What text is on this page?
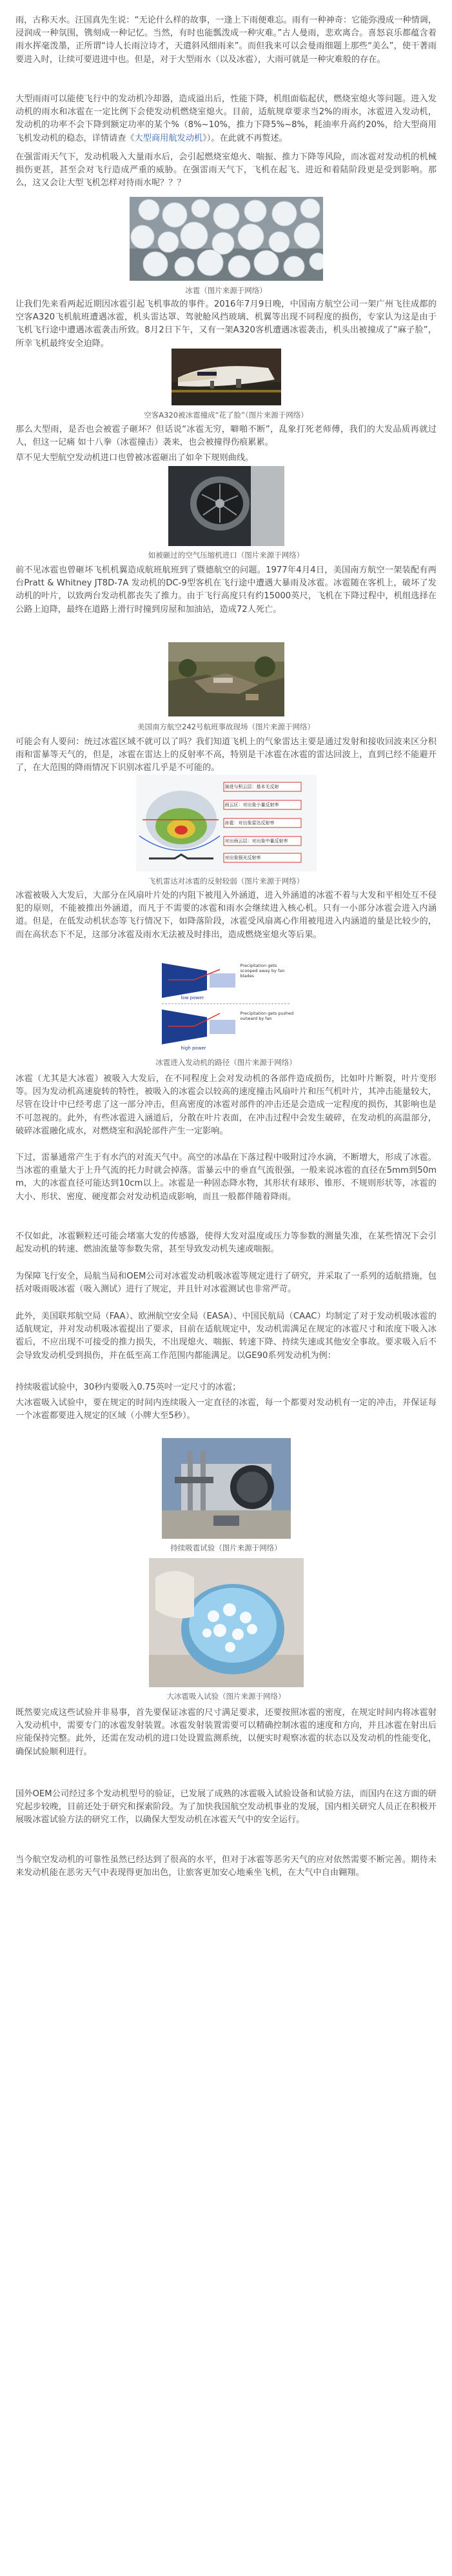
雨，古称天水。汪国真先生说：“无论什么样的故事，一逢上下雨便难忘。雨有一种神奇：它能弥漫成一种情调，浸润成一种氛围，镌刻成一种记忆。当然，有时也能瓢泼成一种灾难。”古人曼雨，悲欢离合。喜怒哀乐都蕴含着雨水挥毫泼墨，正所谓“诗人长雨泣诗才，天遣斜风细雨来”。而但我来可以会曼雨细题上那些“美么”，使干著雨要进入时，让续可要进进中也。但是，对于大型雨水（以及冰雹），大雨可就是一种灾难般的存在。

大型雨雨可以能使飞行中的发动机冷却器，造成溢出后，性能下降，机组面临起伏，燃烧室熄火等问题。进入发动机的雨水和冰雹在一定比例下会使发动机燃烧室熄火。目前，适航规章要求当2%的雨水，冰雹进入发动机，发动机的功率不会下降到额定功率的某个%（8%~10%，推力下降5%~8%，耗油率升高约20%，给大型商用飞机发动机的稳态，详情请查《大型商用航发动机》）。在此就不再赘述。

在强雷雨天气下，发动机吸入大量雨水后，会引起燃烧室熄火、喘振、推力下降等风险，而冰雹对发动机的机械损伤更甚，甚至会对飞行造成严重的威胁。在强雷雨天气下，飞机在起飞、进近和着陆阶段更是受到影响。那么，这又会让大型飞机怎样对待雨水呢？？？

冰雹（图片来源于网络）

让我们先来看两起近期因冰雹引起飞机事故的事件。2016年7月9日晚，中国南方航空公司一架广州飞往成都的空客A320飞机航班遭遇冰雹，机头雷达罩、驾驶舱风挡玻璃、机翼等出现不同程度的损伤，专家认为这是由于飞机飞行途中遭遇冰雹袭击所致。8月2日下午，又有一架A320客机遭遇冰雹袭击，机头出被撞成了“麻子脸”，所幸飞机最终安全迫降。

空客A320被冰雹撞成“花了脸”（图片来源于网络）

那么大型雨，是否也会被雹子砸坏？但话说“冰雹无穷，噼啪不断”，乱象打死老师傅，我们的大发品质再就过人，但这一记痛 如十八拳（冰雹撞击）袭来，也会被撞得伤痕累累。

草不见大型航空发动机进口也曾被冰雹砸出了如伞下规则曲线。

如被砸过的空气压缩机进口（图片来源于网络）

前不见冰雹也曾砸坏飞机机翼造成航班航班到了暨德航空的问题。1977年4月4日，美国南方航空一架装配有两台Pratt & Whitney JT8D-7A 发动机的DC-9型客机在飞行途中遭遇大暴雨及冰雹。冰雹随在客机上，破坏了发动机的叶片，以致两台发动机都丧失了推力。由于飞行高度只有约15000英尺，飞机在下降过程中，机组选择在公路上迫降，最终在道路上滑行时撞到房屋和加油站，造成72人死亡。

美国南方航空242号航班事故现场（图片来源于网络）

可能会有人要问：统过冰雹区域不就可以了吗？我们知道飞机上的气象雷达主要是通过发射和接收回波来区分积雨和雷暴等天气的，但是，冰雹在雷达上的反射率不高，特别是干冰雹在冰雹的雷达回波上，直到已经不能避开了，在大范围的降雨情况下识别冰雹几乎是不可能的。

演进与积云层：基本无反射
雨云区：对出象小量反射率
冰雹：对出象雷达反射率
对出雨云层：对出象中量反射率
对出象强光反射率

飞机雷达对冰雹的反射较弱（图片来源于网络）

冰雹被吸入大发后，大部分在风扇叶片处的内阻下被甩入外涵道，进入外涵道的冰雹不着与大发和平相处互不侵犯的原则，不能被推出外涵道，而凡于不需要的冰雹和雨水会继续进入核心机。只有一小部分冰雹会进入内涵道。但是，在低发动机状态等飞行情况下，如降落阶段，冰雹受风扇离心作用被甩进入内涵道的量是比较少的，而在高状态下不足，这部分冰雹及雨水无法被及时排出，造成燃烧室熄火等后果。

low power
high power
Precipitation gets scooped away by fan blades
Precipitation gets pushed outward by fan

冰雹进入发动机的路径（图片来源于网络）

冰雹（尤其是大冰雹）被吸入大发后，在不同程度上会对发动机的各部件造成损伤，比如叶片断裂，叶片变形等。因为发动机高速旋转的特性，被吸入的冰雹会以较高的速度撞击风扇叶片和压气机叶片，其冲击能量较大，尽管在设计中已经考虑了这一部分冲击，但高密度的冰雹对部件的冲击还是会造成一定程度的损伤，其影响也是不可忽视的。此外，有些冰雹进入涵道后，分散在叶片表面，在冲击过程中会发生破碎，在发动机的高温部分，破碎冰雹融化成水，对燃烧室和涡轮部件产生一定影响。

下过，雷暴通常产生于有水汽的对流天气中。高空的冰晶在下落过程中吸附过冷水滴，不断增大，形成了冰雹。当冰雹的重量大于上升气流的托力时就会掉落。雷暴云中的垂直气流很强，一般来说冰雹的直径在5mm到50mm，大的冰雹直径可能达到10cm以上。冰雹是一种固态降水物，其形状有球形、锥形、不规则形状等，冰雹的大小、形状、密度、硬度都会对发动机造成影响，而且一般都伴随着降雨。

不仅如此，冰雹颗粒还可能会堵塞大发的传感器，使得大发对温度或压力等参数的测量失准，在某些情况下会引起发动机的转速、燃油流量等参数失常，甚至导致发动机失速或喘振。

为保障飞行安全，局航当局和OEM公司对冰雹发动机吸冰雹等规定进行了研究，并采取了一系列的适航措施，包括对吸雨吸冰雹（吸入测试）进行了规定，并且针对冰雹测试也非常严苛。

此外，美国联邦航空局（FAA）、欧洲航空安全局（EASA）、中国民航局（CAAC）均制定了对于发动机吸冰雹的适航规定，并对发动机吸冰雹提出了要求，目前在适航规定中，发动机需满足在规定的冰雹尺寸和浓度下吸入冰雹后，不应出现不可接受的推力损失，不出现熄火、喘振、转速下降、持续失速或其他安全事故。要求吸入后不会导致发动机受到损伤，并在低至高工作范围内都能满足。以GE90系列发动机为例：

持续吸雹试验中，30秒内要吸入0.75英吋一定尺寸的冰雹；

大冰雹吸入试验中，要在规定的时间内连续吸入一定直径的冰雹，每一个都要对发动机有一定的冲击，并保证每一个冰雹都要进入规定的区域（小牌大至5秒）。

持续吸雹试验（图片来源于网络）

大冰雹吸入试验（图片来源于网络）

既然要完成这些试验并非易事，首先要保证冰雹的尺寸满足要求，还要按照冰雹的密度，在规定时间内将冰雹射入发动机中，需要专门的冰雹发射装置。冰雹发射装置需要可以精确控制冰雹的速度和方向，并且冰雹在射出后应能保持完整。此外，还需在发动机的进口处设置监测系统，以便实时观察冰雹的状态以及发动机的性能变化，确保试验顺利进行。

国外OEM公司经过多个发动机型号的验证，已发展了成熟的冰雹吸入试验设备和试验方法，而国内在这方面的研究起步较晚，目前还处于研究和探索阶段。为了加快我国航空发动机事业的发展，国内相关研究人员正在积极开展吸冰雹试验方法的研究工作，以确保大型发动机在冰雹天气中的安全运行。

当今航空发动机的可靠性虽然已经达到了很高的水平，但对于冰雹等恶劣天气的应对依然需要不断完善。期待未来发动机能在恶劣天气中表现得更加出色，让旅客更加安心地乘坐飞机，在大气中自由翱翔。
